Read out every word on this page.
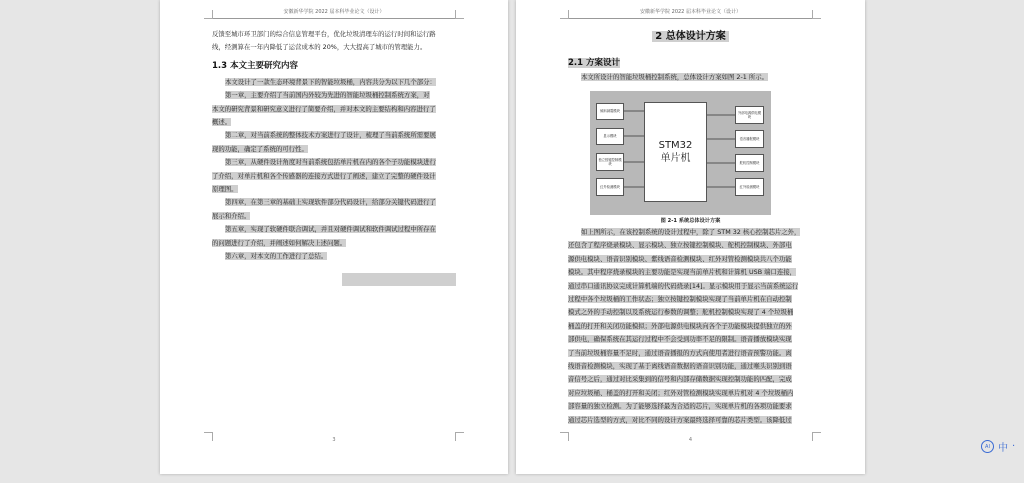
安徽新华学院 2022 届本科毕业论文（设计）

反馈至城市环卫部门的综合信息管理平台，优化垃圾清理车的运行时间和运行路

线，经测算在一年内降低了运营成本的 20%，大大提高了城市的管理能力。

1.3 本文主要研究内容

本文设计了一款生态环境背景下的智能垃圾桶，内容共分为以下几个部分：

第一章，主要介绍了当前国内外较为先进的智能垃圾桶控制系统方案，对

本文的研究背景和研究意义进行了简要介绍，并对本文的主要结构和内容进行了

概述。

第二章，对当前系统的整体技术方案进行了设计，梳理了当前系统所需要展

现的功能，确定了系统的可行性。

第三章，从硬件设计角度对当前系统包括单片机在内的各个子功能模块进行

了介绍，对单片机和各个传感器的连接方式进行了阐述，建立了完整的硬件设计

原理图。

第四章，在第三章的基础上实现软件部分代码设计，给部分关键代码进行了

展示和介绍。

第五章，实现了软硬件联合调试，并且对硬件调试和软件调试过程中所存在

的问题进行了介绍，并阐述如何解决上述问题。

第六章，对本文的工作进行了总结。

3
安徽新华学院 2022 届本科毕业论文（设计）

2 总体设计方案

2.1 方案设计

本文所设计的智能垃圾桶控制系统，总体设计方案如图 2-1 所示。

倾斜减震模块
显示模块
独立按键控制模块
红外检测模块
STM32
单片机
外部电源供电模块
语音播报模块
舵机控制模块
红外检测模块
图 2-1 系统总体设计方案

如上图所示，在该控制系统的设计过程中，除了 STM 32 核心控制芯片之外，

还包含了程序烧录模块、显示模块、独立按键控制模块、舵机控制模块、外部电

源供电模块、语音识别模块、紫线语音检测模块、红外对管检测模块共八个功能

模块。其中程序烧录模块的主要功能是实现当前单片机和计算机 USB 端口连接，

通过串口通讯协议完成计算机端的代码烧录[14]。显示模块用于显示当前系统运行

过程中各个垃圾桶的工作状态；独立按键控制模块实现了当前单片机在自动控制

模式之外的手动控制以及系统运行参数的调整；舵机控制模块实现了 4 个垃圾桶

桶盖的打开和关闭功能模拟；外部电源供电模块向各个子功能模块提供独立的外

部供电，确保系统在其运行过程中不会受到功率不足的限制。语音播放模块实现

了当前垃圾桶容量不足时，通过语音播报的方式向使用者进行语音预警功能。离

线语音检测模块，实现了基于离线语音数据的语音识别功能，通过喉头识别到语

音信号之后，通过对比采集到的信号和内部存储数据实现控制功能的匹配，完成

对应垃圾桶、桶盖的打开和关闭；红外对管检测模块实现单片机对 4 个垃圾桶内

部容量的独立检测。为了能够选择最为合适的芯片，实现单片机的各项功能要求

通过芯片选型的方式，对比不同的设计方案最终选择可靠的芯片类型。该降低过

4
AI 中 ·
